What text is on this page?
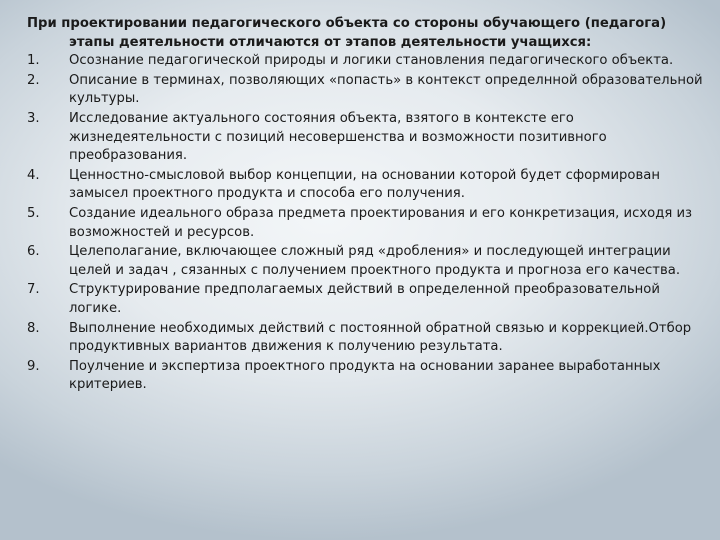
При проектировании педагогического объекта со стороны обучающего (педагога)
этапы деятельности отличаются от этапов деятельности учащихся:

1.	Осознание педагогической природы и логики становления педагогического объекта.
2.	Описание в терминах, позволяющих «попасть» в контекст определнной образовательной культуры.
3.	Исследование актуального состояния объекта, взятого в контексте его жизнедеятельности с позиций несовершенства и возможности позитивного преобразования.
4.	Ценностно-смысловой выбор концепции, на основании которой будет сформирован замысел проектного продукта и способа его получения.
5.	Создание идеального образа предмета проектирования и его конкретизация, исходя из возможностей и ресурсов.
6.	Целеполагание, включающее сложный ряд «дробления» и последующей интеграции целей и задач , сязанных с получением проектного продукта и прогноза его качества.
7.	Структурирование предполагаемых действий в определенной преобразовательной логике.
8.	Выполнение необходимых действий с постоянной обратной связью и коррекцией.Отбор продуктивных вариантов движения к получению результата.
9.	Поулчение и экспертиза проектного продукта на основании заранее выработанных критериев.
